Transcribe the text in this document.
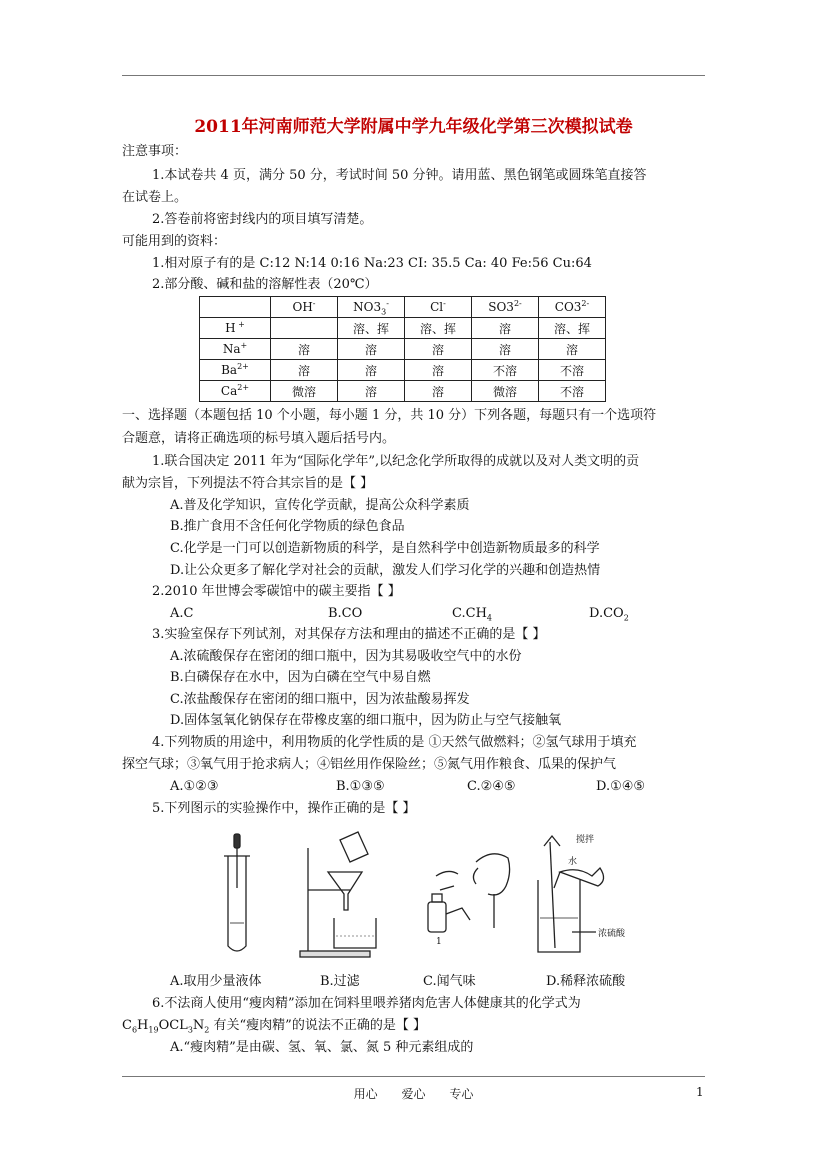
2011年河南师范大学附属中学九年级化学第三次模拟试卷
注意事项：
1.本试卷共 4 页，满分 50 分，考试时间 50 分钟。请用蓝、黑色钢笔或圆珠笔直接答
在试卷上。
2.答卷前将密封线内的项目填写清楚。
可能用到的资料：
1.相对原子有的是 C:12 N:14 0:16 Na:23 CI: 35.5 Ca: 40 Fe:56 Cu:64
2.部分酸、碱和盐的溶解性表（20℃）
	OH-	$NO3_3^-$	Cl-	$SO3^{2-}$	$CO3^{2-}$
H +		溶、挥	溶、挥	溶	溶、挥
Na+	溶	溶	溶	溶	溶
$Ba^{2+}$	溶	溶	溶	不溶	不溶
$Ca^{2+}$	微溶	溶	溶	微溶	不溶
一、选择题（本题包括 10 个小题，每小题 1 分，共 10 分）下列各题，每题只有一个选项符
合题意，请将正确选项的标号填入题后括号内。
1.联合国决定 2011 年为“国际化学年”,以纪念化学所取得的成就以及对人类文明的贡
献为宗旨，下列提法不符合其宗旨的是【 】
A.普及化学知识，宣传化学贡献，提高公众科学素质
B.推广食用不含任何化学物质的绿色食品
C.化学是一门可以创造新物质的科学，是自然科学中创造新物质最多的科学
D.让公众更多了解化学对社会的贡献，激发人们学习化学的兴趣和创造热情
2.2010 年世博会零碳馆中的碳主要指【 】
A.C	B.CO	$C.CH_4$	$D.CO_2$
3.实验室保存下列试剂，对其保存方法和理由的描述不正确的是【 】
A.浓硫酸保存在密闭的细口瓶中，因为其易吸收空气中的水份
B.白磷保存在水中，因为白磷在空气中易自燃
C.浓盐酸保存在密闭的细口瓶中，因为浓盐酸易挥发
D.固体氢氧化钠保存在带橡皮塞的细口瓶中，因为防止与空气接触氧
4.下列物质的用途中，利用物质的化学性质的是 ①天然气做燃料；②氢气球用于填充
探空气球；③氧气用于抢求病人；④铝丝用作保险丝；⑤氮气用作粮食、瓜果的保护气
A.①②③	B.①③⑤	C.②④⑤	D.①④⑤
5.下列图示的实验操作中，操作正确的是【 】
搅拌
水
浓硫酸
1
A.取用少量液体	B.过滤	C.闻气味	D.稀释浓硫酸
6.不法商人使用“瘦肉精”添加在饲料里喂养猪肉危害人体健康其的化学式为
$C_6H_{19}OCL_3N_2$ 有关“瘦肉精”的说法不正确的是【 】
A.“瘦肉精”是由碳、氢、氧、氯、氮 5 种元素组成的
用心 爱心 专心	1
